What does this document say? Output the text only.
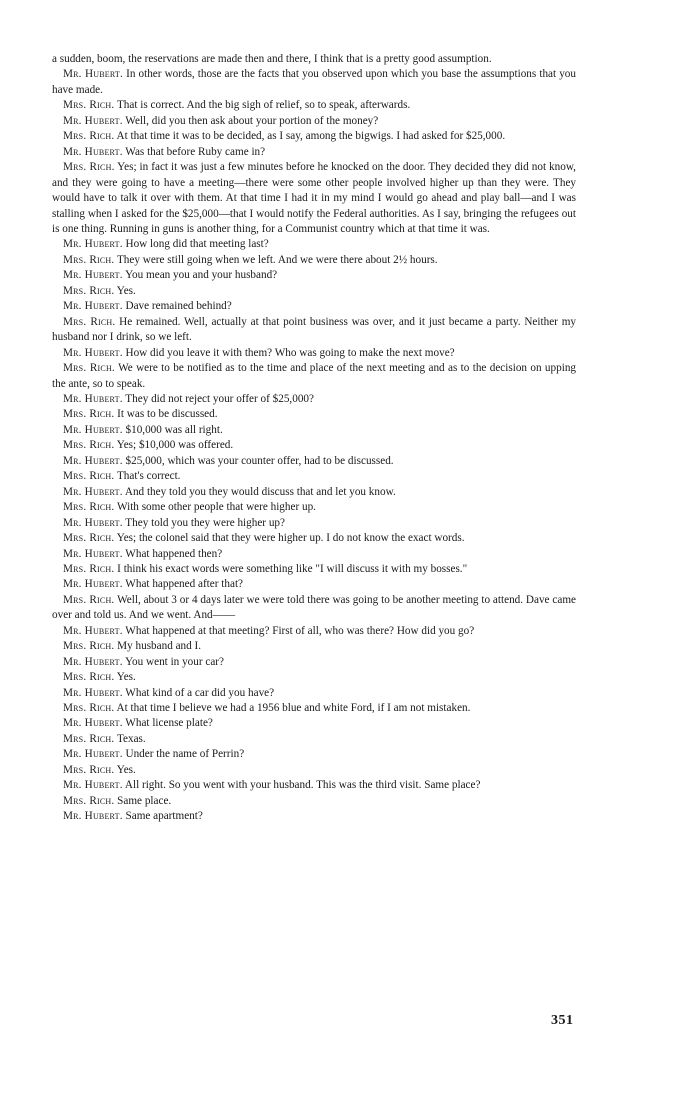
a sudden, boom, the reservations are made then and there, I think that is a pretty good assumption.

Mr. Hubert. In other words, those are the facts that you observed upon which you base the assumptions that you have made.

Mrs. Rich. That is correct. And the big sigh of relief, so to speak, afterwards.

Mr. Hubert. Well, did you then ask about your portion of the money?

Mrs. Rich. At that time it was to be decided, as I say, among the bigwigs. I had asked for $25,000.

Mr. Hubert. Was that before Ruby came in?

Mrs. Rich. Yes; in fact it was just a few minutes before he knocked on the door. They decided they did not know, and they were going to have a meeting—there were some other people involved higher up than they were. They would have to talk it over with them. At that time I had it in my mind I would go ahead and play ball—and I was stalling when I asked for the $25,000—that I would notify the Federal authorities. As I say, bringing the refugees out is one thing. Running in guns is another thing, for a Communist country which at that time it was.

Mr. Hubert. How long did that meeting last?

Mrs. Rich. They were still going when we left. And we were there about 2½ hours.

Mr. Hubert. You mean you and your husband?

Mrs. Rich. Yes.

Mr. Hubert. Dave remained behind?

Mrs. Rich. He remained. Well, actually at that point business was over, and it just became a party. Neither my husband nor I drink, so we left.

Mr. Hubert. How did you leave it with them? Who was going to make the next move?

Mrs. Rich. We were to be notified as to the time and place of the next meeting and as to the decision on upping the ante, so to speak.

Mr. Hubert. They did not reject your offer of $25,000?

Mrs. Rich. It was to be discussed.

Mr. Hubert. $10,000 was all right.

Mrs. Rich. Yes; $10,000 was offered.

Mr. Hubert. $25,000, which was your counter offer, had to be discussed.

Mrs. Rich. That's correct.

Mr. Hubert. And they told you they would discuss that and let you know.

Mrs. Rich. With some other people that were higher up.

Mr. Hubert. They told you they were higher up?

Mrs. Rich. Yes; the colonel said that they were higher up. I do not know the exact words.

Mr. Hubert. What happened then?

Mrs. Rich. I think his exact words were something like "I will discuss it with my bosses."

Mr. Hubert. What happened after that?

Mrs. Rich. Well, about 3 or 4 days later we were told there was going to be another meeting to attend. Dave came over and told us. And we went. And——

Mr. Hubert. What happened at that meeting? First of all, who was there? How did you go?

Mrs. Rich. My husband and I.

Mr. Hubert. You went in your car?

Mrs. Rich. Yes.

Mr. Hubert. What kind of a car did you have?

Mrs. Rich. At that time I believe we had a 1956 blue and white Ford, if I am not mistaken.

Mr. Hubert. What license plate?

Mrs. Rich. Texas.

Mr. Hubert. Under the name of Perrin?

Mrs. Rich. Yes.

Mr. Hubert. All right. So you went with your husband. This was the third visit. Same place?

Mrs. Rich. Same place.

Mr. Hubert. Same apartment?

351
